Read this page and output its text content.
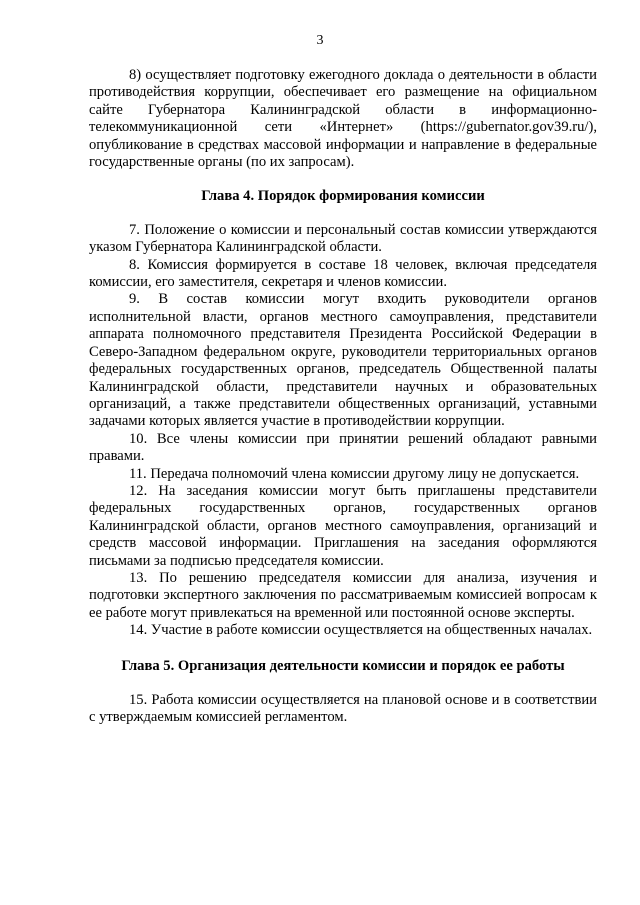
3

8) осуществляет подготовку ежегодного доклада о деятельности в области противодействия коррупции, обеспечивает его размещение на официальном сайте Губернатора Калининградской области в информационно-телекоммуникационной сети «Интернет» (https://gubernator.gov39.ru/), опубликование в средствах массовой информации и направление в федеральные государственные органы (по их запросам).

Глава 4. Порядок формирования комиссии

7. Положение о комиссии и персональный состав комиссии утверждаются указом Губернатора Калининградской области.

8. Комиссия формируется в составе 18 человек, включая председателя комиссии, его заместителя, секретаря и членов комиссии.

9. В состав комиссии могут входить руководители органов исполнительной власти, органов местного самоуправления, представители аппарата полномочного представителя Президента Российской Федерации в Северо-Западном федеральном округе, руководители территориальных органов федеральных государственных органов, председатель Общественной палаты Калининградской области, представители научных и образовательных организаций, а также представители общественных организаций, уставными задачами которых является участие в противодействии коррупции.

10. Все члены комиссии при принятии решений обладают равными правами.

11. Передача полномочий члена комиссии другому лицу не допускается.

12. На заседания комиссии могут быть приглашены представители федеральных государственных органов, государственных органов Калининградской области, органов местного самоуправления, организаций и средств массовой информации. Приглашения на заседания оформляются письмами за подписью председателя комиссии.

13. По решению председателя комиссии для анализа, изучения и подготовки экспертного заключения по рассматриваемым комиссией вопросам к ее работе могут привлекаться на временной или постоянной основе эксперты.

14. Участие в работе комиссии осуществляется на общественных началах.

Глава 5. Организация деятельности комиссии и порядок ее работы

15. Работа комиссии осуществляется на плановой основе и в соответствии с утверждаемым комиссией регламентом.
